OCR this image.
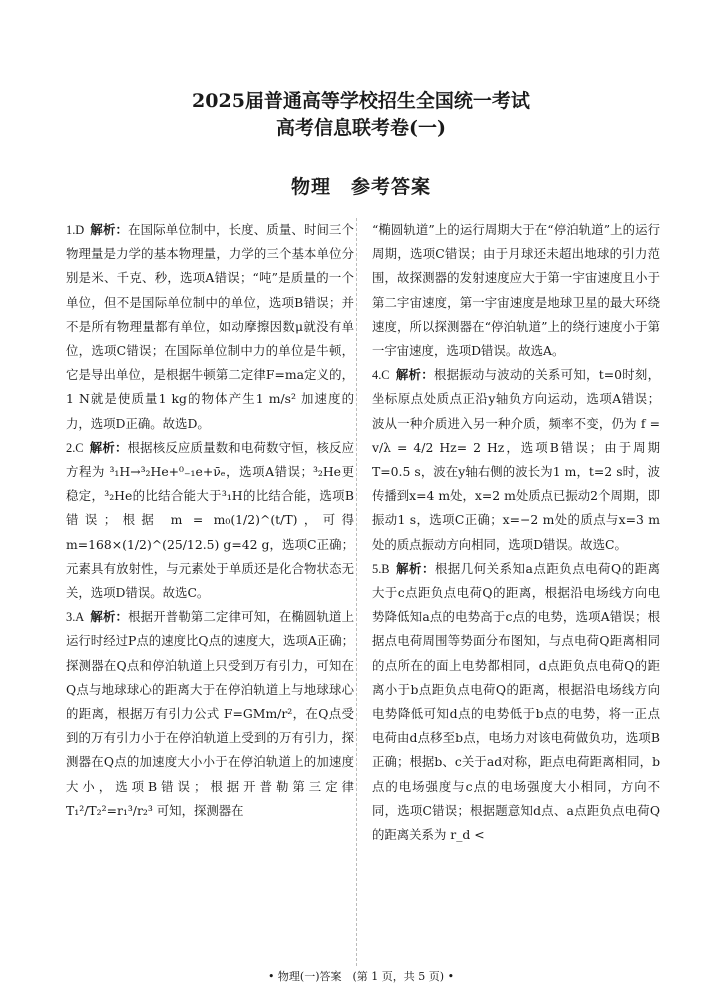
2025届普通高等学校招生全国统一考试
高考信息联考卷(一)
物理　参考答案

1.D 解析：在国际单位制中，长度、质量、时间三个物理量是力学的基本物理量，力学的三个基本单位分别是米、千克、秒，选项A错误；“吨”是质量的一个单位，但不是国际单位制中的单位，选项B错误；并不是所有物理量都有单位，如动摩擦因数μ就没有单位，选项C错误；在国际单位制中力的单位是牛顿，它是导出单位，是根据牛顿第二定律F=ma定义的，1 N就是使质量1 kg的物体产生1 m/s² 加速度的力，选项D正确。故选D。

2.C 解析：根据核反应质量数和电荷数守恒，核反应方程为 ³₁H→³₂He+⁰₋₁e+ν̄ₑ，选项A错误；³₂He更稳定，³₂He的比结合能大于³₁H的比结合能，选项B错误；根据 m = m₀(1/2)^(t/T)，可得 m=168×(1/2)^(25/12.5) g=42 g，选项C正确；元素具有放射性，与元素处于单质还是化合物状态无关，选项D错误。故选C。

3.A 解析：根据开普勒第二定律可知，在椭圆轨道上运行时经过P点的速度比Q点的速度大，选项A正确；探测器在Q点和停泊轨道上只受到万有引力，可知在Q点与地球球心的距离大于在停泊轨道上与地球球心的距离，根据万有引力公式 F=GMm/r²，在Q点受到的万有引力小于在停泊轨道上受到的万有引力，探测器在Q点的加速度大小小于在停泊轨道上的加速度大小，选项B错误；根据开普勒第三定律 T₁²/T₂²=r₁³/r₂³ 可知，探测器在

“椭圆轨道”上的运行周期大于在“停泊轨道”上的运行周期，选项C错误；由于月球还未超出地球的引力范围，故探测器的发射速度应大于第一宇宙速度且小于第二宇宙速度，第一宇宙速度是地球卫星的最大环绕速度，所以探测器在“停泊轨道”上的绕行速度小于第一宇宙速度，选项D错误。故选A。

4.C 解析：根据振动与波动的关系可知，t=0时刻，坐标原点处质点正沿y轴负方向运动，选项A错误；波从一种介质进入另一种介质，频率不变，仍为 f = v/λ = 4/2 Hz= 2 Hz，选项B错误；由于周期 T=0.5 s，波在y轴右侧的波长为1 m，t=2 s时，波传播到x=4 m处，x=2 m处质点已振动2个周期，即振动1 s，选项C正确；x=−2 m处的质点与x=3 m处的质点振动方向相同，选项D错误。故选C。

5.B 解析：根据几何关系知a点距负点电荷Q的距离大于c点距负点电荷Q的距离，根据沿电场线方向电势降低知a点的电势高于c点的电势，选项A错误；根据点电荷周围等势面分布图知，与点电荷Q距离相同的点所在的面上电势都相同，d点距负点电荷Q的距离小于b点距负点电荷Q的距离，根据沿电场线方向电势降低可知d点的电势低于b点的电势，将一正点电荷由d点移至b点，电场力对该电荷做负功，选项B正确；根据b、c关于ad对称，距点电荷距离相同，b点的电场强度与c点的电场强度大小相同，方向不同，选项C错误；根据题意知d点、a点距负点电荷Q的距离关系为 r_d <

• 物理(一)答案　(第 1 页，共 5 页) •
